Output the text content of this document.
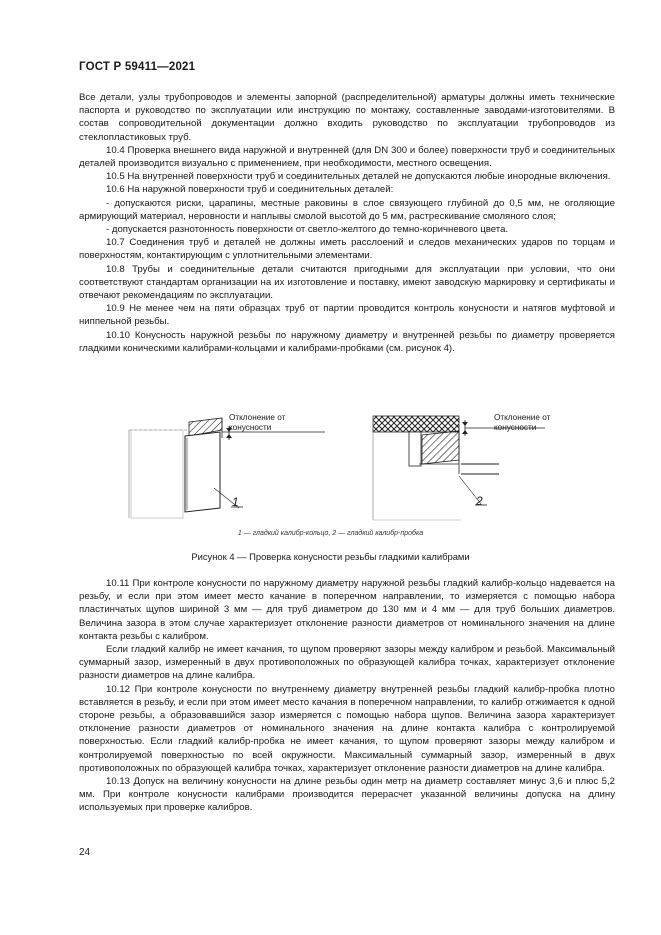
ГОСТ Р 59411—2021

Все детали, узлы трубопроводов и элементы запорной (распределительной) арматуры должны иметь технические паспорта и руководство по эксплуатации или инструкцию по монтажу, составленные заводами-изготовителями. В состав сопроводительной документации должно входить руководство по эксплуатации трубопроводов из стеклопластиковых труб.

10.4 Проверка внешнего вида наружной и внутренней (для DN 300 и более) поверхности труб и соединительных деталей производится визуально с применением, при необходимости, местного освещения.

10.5 На внутренней поверхности труб и соединительных деталей не допускаются любые инородные включения.

10.6 На наружной поверхности труб и соединительных деталей:

- допускаются риски, царапины, местные раковины в слое связующего глубиной до 0,5 мм, не оголяющие армирующий материал, неровности и наплывы смолой высотой до 5 мм, растрескивание смоляного слоя;

- допускается разнотонность поверхности от светло-желтого до темно-коричневого цвета.

10.7 Соединения труб и деталей не должны иметь расслоений и следов механических ударов по торцам и поверхностям, контактирующим с уплотнительными элементами.

10.8 Трубы и соединительные детали считаются пригодными для эксплуатации при условии, что они соответствуют стандартам организации на их изготовление и поставку, имеют заводскую маркировку и сертификаты и отвечают рекомендациям по эксплуатации.

10.9 Не менее чем на пяти образцах труб от партии проводится контроль конусности и натягов муфтовой и ниппельной резьбы.

10.10 Конусность наружной резьбы по наружному диаметру и внутренней резьбы по диаметру проверяется гладкими коническими калибрами-кольцами и калибрами-пробками (см. рисунок 4).

Отклонение от конусности
1
Отклонение от конусности
2
1 — гладкий калибр-кольцо, 2 — гладкий калибр-пробка
Рисунок 4 — Проверка конусности резьбы гладкими калибрами

10.11 При контроле конусности по наружному диаметру наружной резьбы гладкий калибр-кольцо надевается на резьбу, и если при этом имеет место качание в поперечном направлении, то измеряется с помощью набора пластинчатых щупов шириной 3 мм — для труб диаметром до 130 мм и 4 мм — для труб больших диаметров. Величина зазора в этом случае характеризует отклонение разности диаметров от номинального значения на длине контакта резьбы с калибром.

Если гладкий калибр не имеет качания, то щупом проверяют зазоры между калибром и резьбой. Максимальный суммарный зазор, измеренный в двух противоположных по образующей калибра точках, характеризует отклонение разности диаметров на длине калибра.

10.12 При контроле конусности по внутреннему диаметру внутренней резьбы гладкий калибр-пробка плотно вставляется в резьбу, и если при этом имеет место качания в поперечном направлении, то калибр отжимается к одной стороне резьбы, а образовавшийся зазор измеряется с помощью набора щупов. Величина зазора характеризует отклонение разности диаметров от номинального значения на длине контакта калибра с контролируемой поверхностью. Если гладкий калибр-пробка не имеет качания, то щупом проверяют зазоры между калибром и контролируемой поверхностью по всей окружности. Максимальный суммарный зазор, измеренный в двух противоположных по образующей калибра точках, характеризует отклонение разности диаметров на длине калибра.

10.13 Допуск на величину конусности на длине резьбы один метр на диаметр составляет минус 3,6 и плюс 5,2 мм. При контроле конусности калибрами производится перерасчет указанной величины допуска на длину используемых при проверке калибров.

24
